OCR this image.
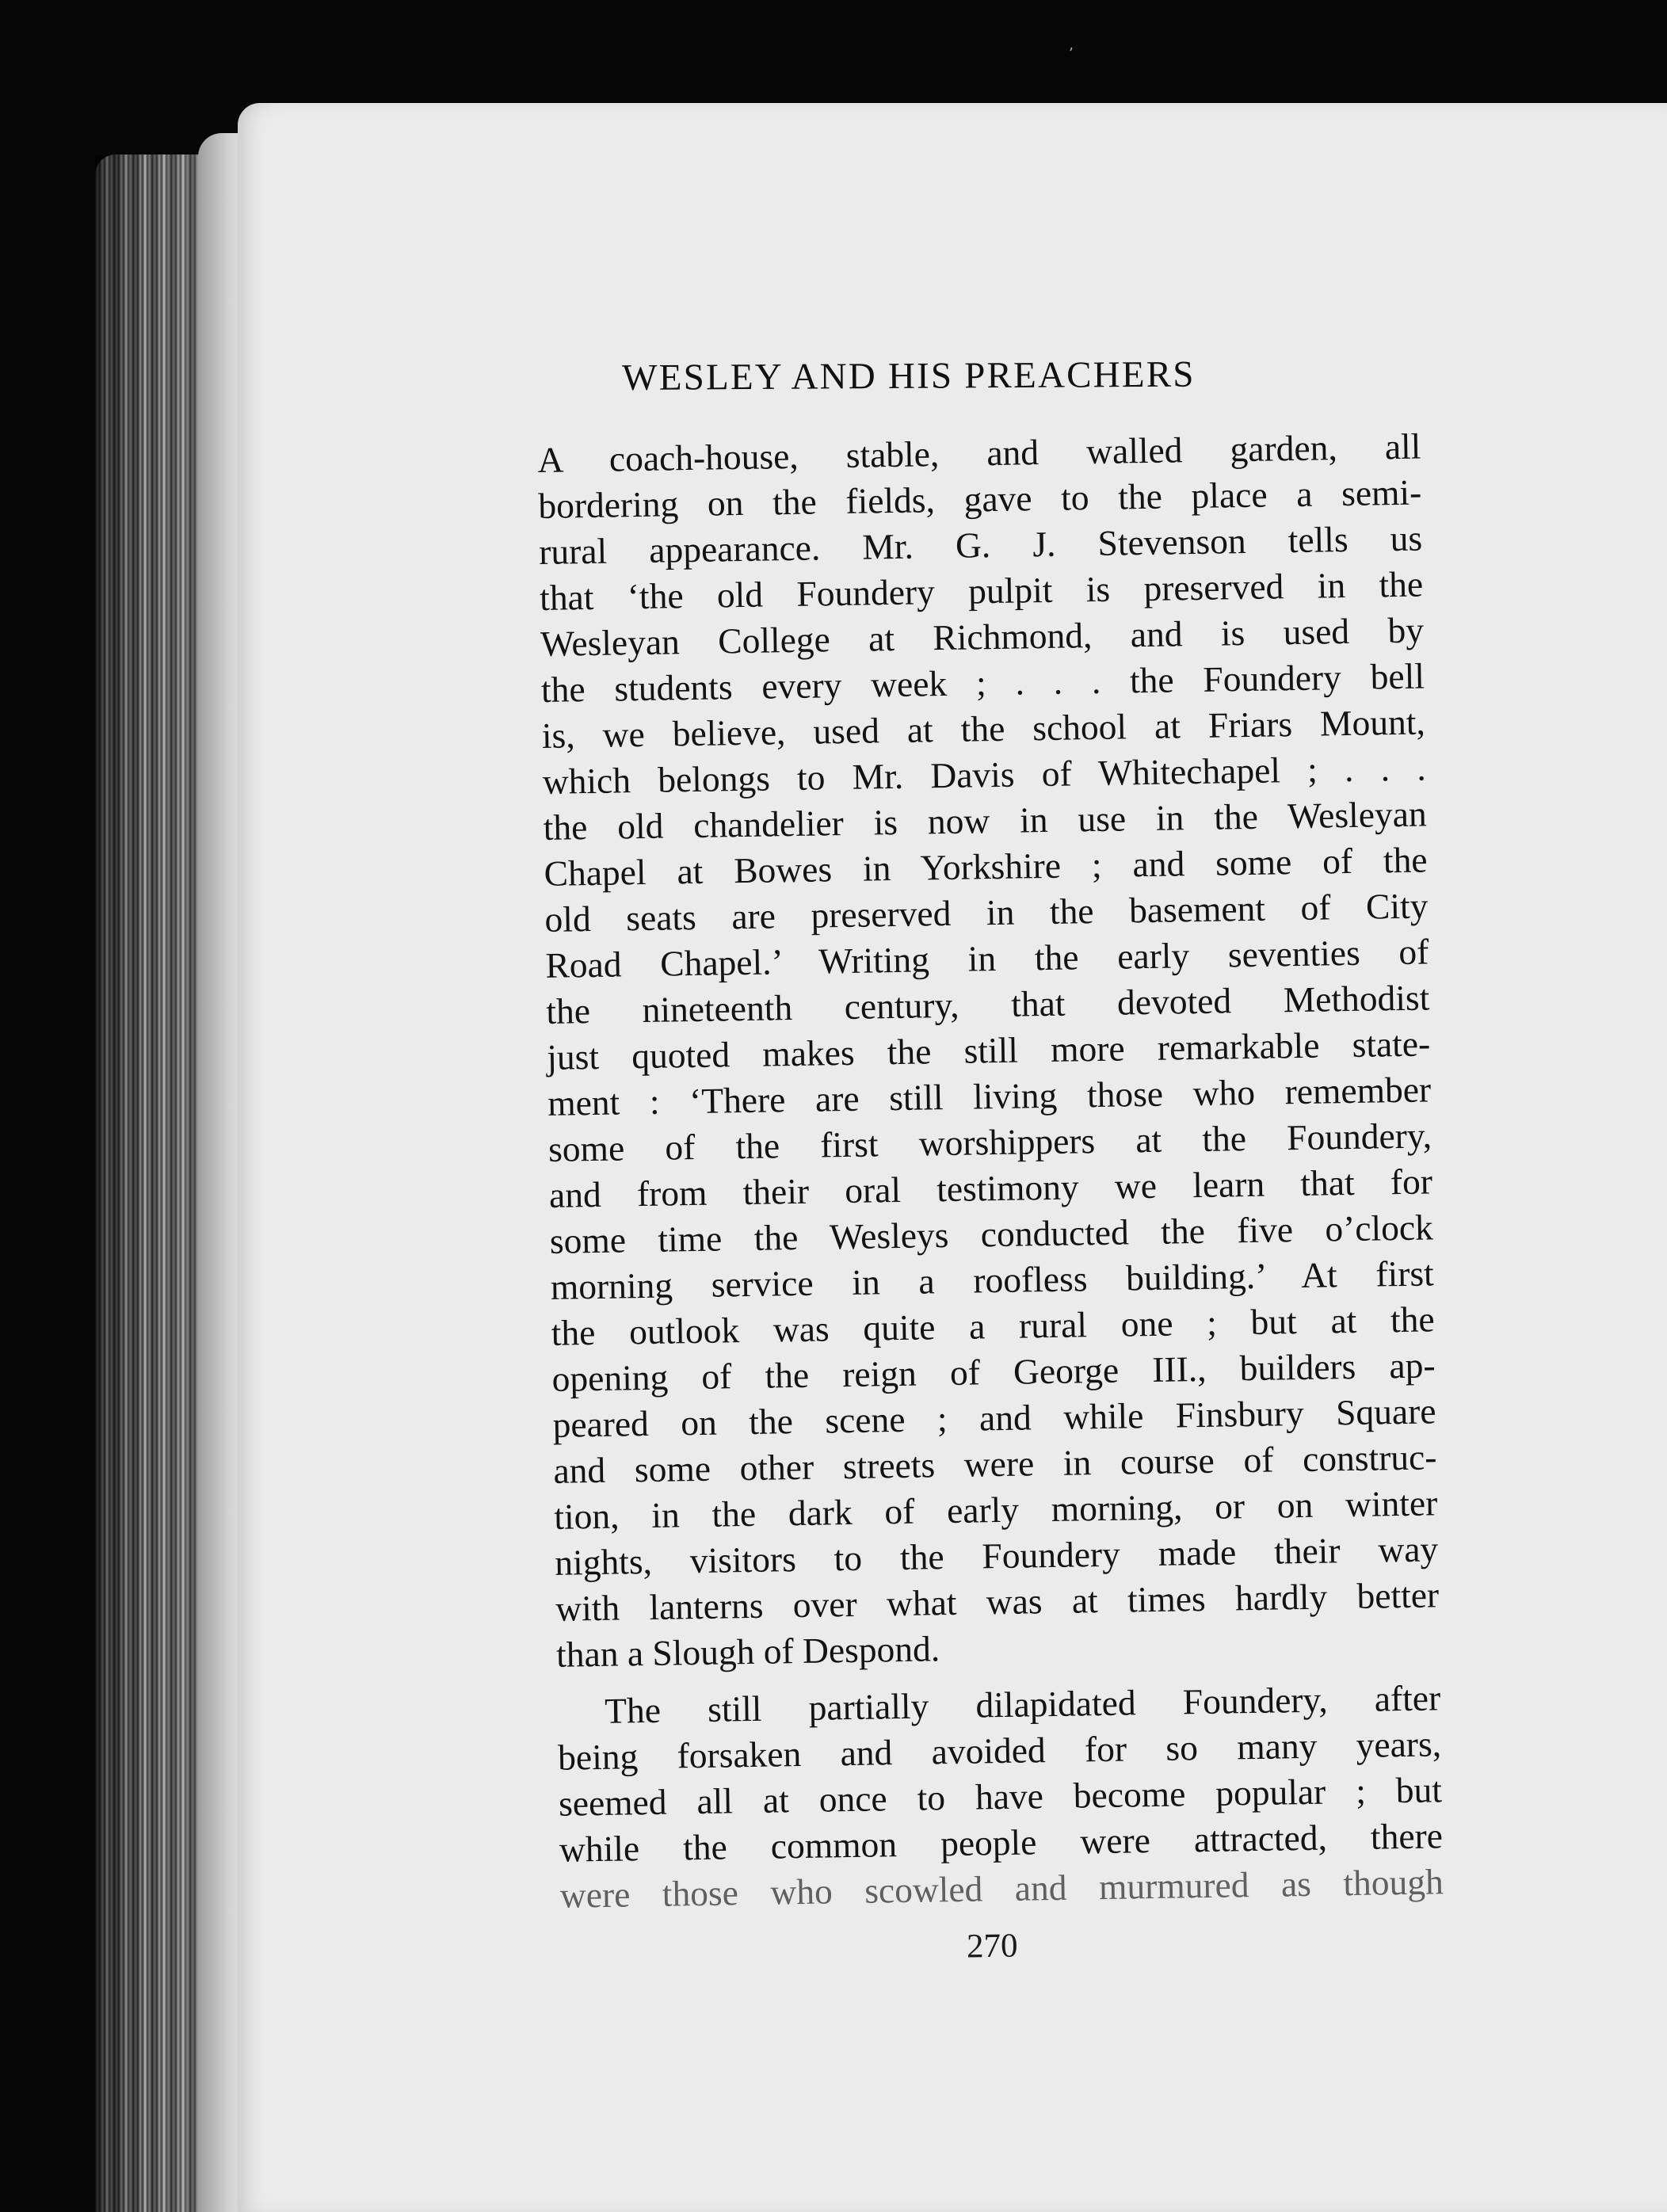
’
WESLEY AND HIS PREACHERS

A coach-house, stable, and walled garden, all
bordering on the fields, gave to the place a semi-
rural appearance. Mr. G. J. Stevenson tells us
that ‘the old Foundery pulpit is preserved in the
Wesleyan College at Richmond, and is used by
the students every week ; . . . the Foundery bell
is, we believe, used at the school at Friars Mount,
which belongs to Mr. Davis of Whitechapel ; . . .
the old chandelier is now in use in the Wesleyan
Chapel at Bowes in Yorkshire ; and some of the
old seats are preserved in the basement of City
Road Chapel.’ Writing in the early seventies of
the nineteenth century, that devoted Methodist
just quoted makes the still more remarkable state-
ment : ‘There are still living those who remember
some of the first worshippers at the Foundery,
and from their oral testimony we learn that for
some time the Wesleys conducted the five o’clock
morning service in a roofless building.’ At first
the outlook was quite a rural one ; but at the
opening of the reign of George III., builders ap-
peared on the scene ; and while Finsbury Square
and some other streets were in course of construc-
tion, in the dark of early morning, or on winter
nights, visitors to the Foundery made their way
with lanterns over what was at times hardly better
than a Slough of Despond.

The still partially dilapidated Foundery, after
being forsaken and avoided for so many years,
seemed all at once to have become popular ; but
while the common people were attracted, there
were those who scowled and murmured as though

270
